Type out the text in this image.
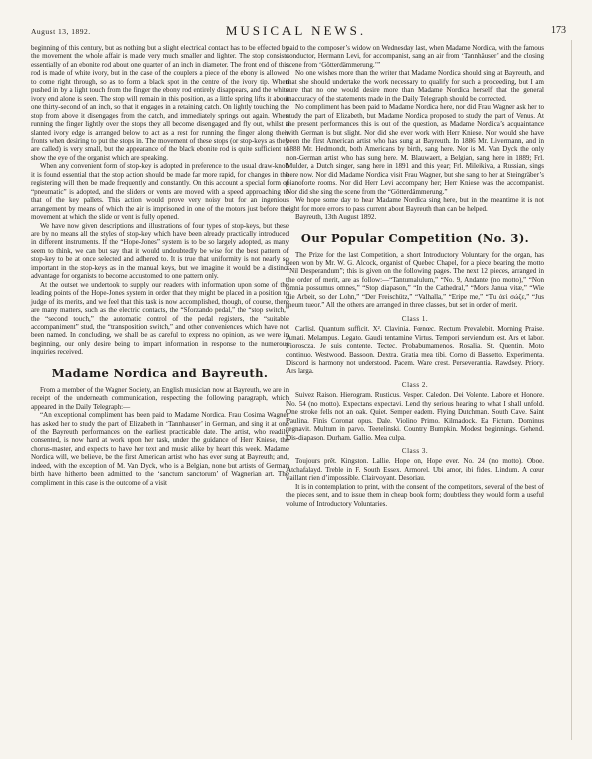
August 13, 1892.	MUSICAL NEWS.	173

beginning of this century, but as nothing but a slight electrical contact has to be effected by the movement the whole affair is made very much smaller and lighter. The stop consists essentially of an ebonite rod about one quarter of an inch in diameter. The front end of this rod is made of white ivory, but in the case of the couplers a piece of the ebony is allowed to come right through, so as to form a black spot in the centre of the ivory tip. When pushed in by a light touch from the finger the ebony rod entirely disappears, and the white ivory end alone is seen. The stop will remain in this position, as a little spring lifts it about one thirty-second of an inch, so that it engages in a retaining catch. On lightly touching the stop from above it disengages from the catch, and immediately springs out again. When running the finger lightly over the stops they all become disengaged and fly out, whilst a slanted ivory edge is arranged below to act as a rest for running the finger along their fronts when desiring to put the stops in. The movement of these stops (or stop-keys as they are called) is very small, but the appearance of the black ebonite rod is quite sufficient to show the eye of the organist which are speaking.

When any convenient form of stop-key is adopted in preference to the usual draw-knob it is found essential that the stop action should be made far more rapid, for changes in the registering will then be made frequently and constantly. On this account a special form of “pneumatic” is adopted, and the sliders or vents are moved with a speed approaching to that of the key pallets. This action would prove very noisy but for an ingenious arrangement by means of which the air is imprisoned in one of the motors just before the movement at which the slide or vent is fully opened.

We have now given descriptions and illustrations of four types of stop-keys, but these are by no means all the styles of stop-key which have been already practically introduced in different instruments. If the “Hope-Jones” system is to be so largely adopted, as many seem to think, we can but say that it would undoubtedly be wise for the best pattern of stop-key to be at once selected and adhered to. It is true that uniformity is not nearly so important in the stop-keys as in the manual keys, but we imagine it would be a distinct advantage for organists to become accustomed to one pattern only.

At the outset we undertook to supply our readers with information upon some of the leading points of the Hope-Jones system in order that they might be placed in a position to judge of its merits, and we feel that this task is now accomplished, though, of course, there are many matters, such as the electric contacts, the “Sforzando pedal,” the “stop switch,” the “second touch,” the automatic control of the pedal registers, the “suitable accompaniment” stud, the “transposition switch,” and other conveniences which have not been named. In concluding, we shall be as careful to express no opinion, as we were in beginning, our only desire being to impart information in response to the numerous inquiries received.

Madame Nordica and Bayreuth.

From a member of the Wagner Society, an English musician now at Bayreuth, we are in receipt of the underneath communication, respecting the following paragraph, which appeared in the Daily Telegraph:—

“An exceptional compliment has been paid to Madame Nordica. Frau Cosima Wagner has asked her to study the part of Elizabeth in ‘Tannhauser’ in German, and sing it at one of the Bayreuth performances on the earliest practicable date. The artist, who readily consented, is now hard at work upon her task, under the guidance of Herr Kniese, the chorus-master, and expects to have her text and music alike by heart this week. Madame Nordica will, we believe, be the first American artist who has ever sung at Bayreuth; and, indeed, with the exception of M. Van Dyck, who is a Belgian, none but artists of German birth have hitherto been admitted to the ‘sanctum sanctorum’ of Wagnerian art. The compliment in this case is the outcome of a visit

paid to the composer’s widow on Wednesday last, when Madame Nordica, with the famous conductor, Hermann Levi, for accompanist, sang an air from ‘Tannhäuser’ and the closing scene from ‘Götterdämmerung.’”

No one wishes more than the writer that Madame Nordica should sing at Bayreuth, and that she should undertake the work necessary to qualify for such a proceeding, but I am sure that no one would desire more than Madame Nordica herself that the general inaccuracy of the statements made in the Daily Telegraph should be corrected.

No compliment has been paid to Madame Nordica here, nor did Frau Wagner ask her to study the part of Elizabeth, but Madame Nordica proposed to study the part of Venus. At the present performances this is out of the question, as Madame Nordica’s acquaintance with German is but slight. Nor did she ever work with Herr Kniese. Nor would she have been the first American artist who has sung at Bayreuth. In 1886 Mr. Livermann, and in 1888 Mr. Hedmondt, both Americans by birth, sang here. Nor is M. Van Dyck the only non-German artist who has sung here. M. Blauwaert, a Belgian, sang here in 1889; Frl. Mulder, a Dutch singer, sang here in 1891 and this year; Frl. Mileikiva, a Russian, sings here now. Nor did Madame Nordica visit Frau Wagner, but she sang to her at Steingräber’s pianoforte rooms. Nor did Herr Levi accompany her; Herr Kniese was the accompanist. Nor did she sing the scene from the “Götterdämmerung.”

We hope some day to hear Madame Nordica sing here, but in the meantime it is not right for more errors to pass current about Bayreuth than can be helped.

Bayreuth, 13th August 1892.

Our Popular Competition (No. 3).

The Prize for the last Competition, a short Introductory Voluntary for the organ, has been won by Mr. W. G. Alcock, organist of Quebec Chapel, for a piece bearing the motto “Nil Desperandum”; this is given on the following pages. The next 12 pieces, arranged in the order of merit, are as follow:—“Tantumalulum,” “No. 9, Andante (no motto),” “Non omnia possumus omnes,” “Stop diapason,” “In the Cathedral,” “Mors Janua vitæ,” “Wie die Arbeit, so der Lohn,” “Der Freischütz,” “Valhalla,” “Eripe me,” “Tu ἀεὶ σώζε,” “Jus meum tueor.” All the others are arranged in three classes, but set in order of merit.

Class 1.

Carlisl. Quantum sufficit. X². Clavinia. Fœnœc. Rectum Prevalebit. Morning Praise. Amati. Melampus. Legato. Gaudi tentamine Virtus. Tempori serviendum est. Ars et labor. Fioroscza. Je suis contente. Tectec. Probabumamenos. Rosalia. St. Quentin. Moto continuo. Westwood. Bassoon. Dextra. Gratia mea tibi. Corno di Bassetto. Experimenta. Discord is harmony not understood. Pacem. Ware crest. Perseverantia. Rawdsey. Priory. Ars larga.

Class 2.

Suivez Raison. Hierogram. Rusticus. Vesper. Caledon. Dei Volente. Labore et Honore. No. 54 (no motto). Expectans expectavi. Lend thy serious hearing to what I shall unfold. One stroke fells not an oak. Quiet. Semper eadem. Flying Dutchman. South Cave. Saint Paulina. Finis Coronat opus. Dale. Violino Primo. Kilmadock. Ea Fictum. Dominus regnavit. Multum in parvo. Teetelinski. Country Bumpkin. Modest beginnings. Gehend. Dis-diapason. Durham. Gallio. Mea culpa.

Class 3.

Toujours prêt. Kingston. Lallie. Hope on, Hope ever. No. 24 (no motto). Oboe. Atchafalayd. Treble in F. South Essex. Armorel. Ubi amor, ibi fides. Lindum. A cœur vaillant rien d’impossible. Clairvoyant. Desoriau.

It is in contemplation to print, with the consent of the competitors, several of the best of the pieces sent, and to issue them in cheap book form; doubtless they would form a useful volume of Introductory Voluntaries.
